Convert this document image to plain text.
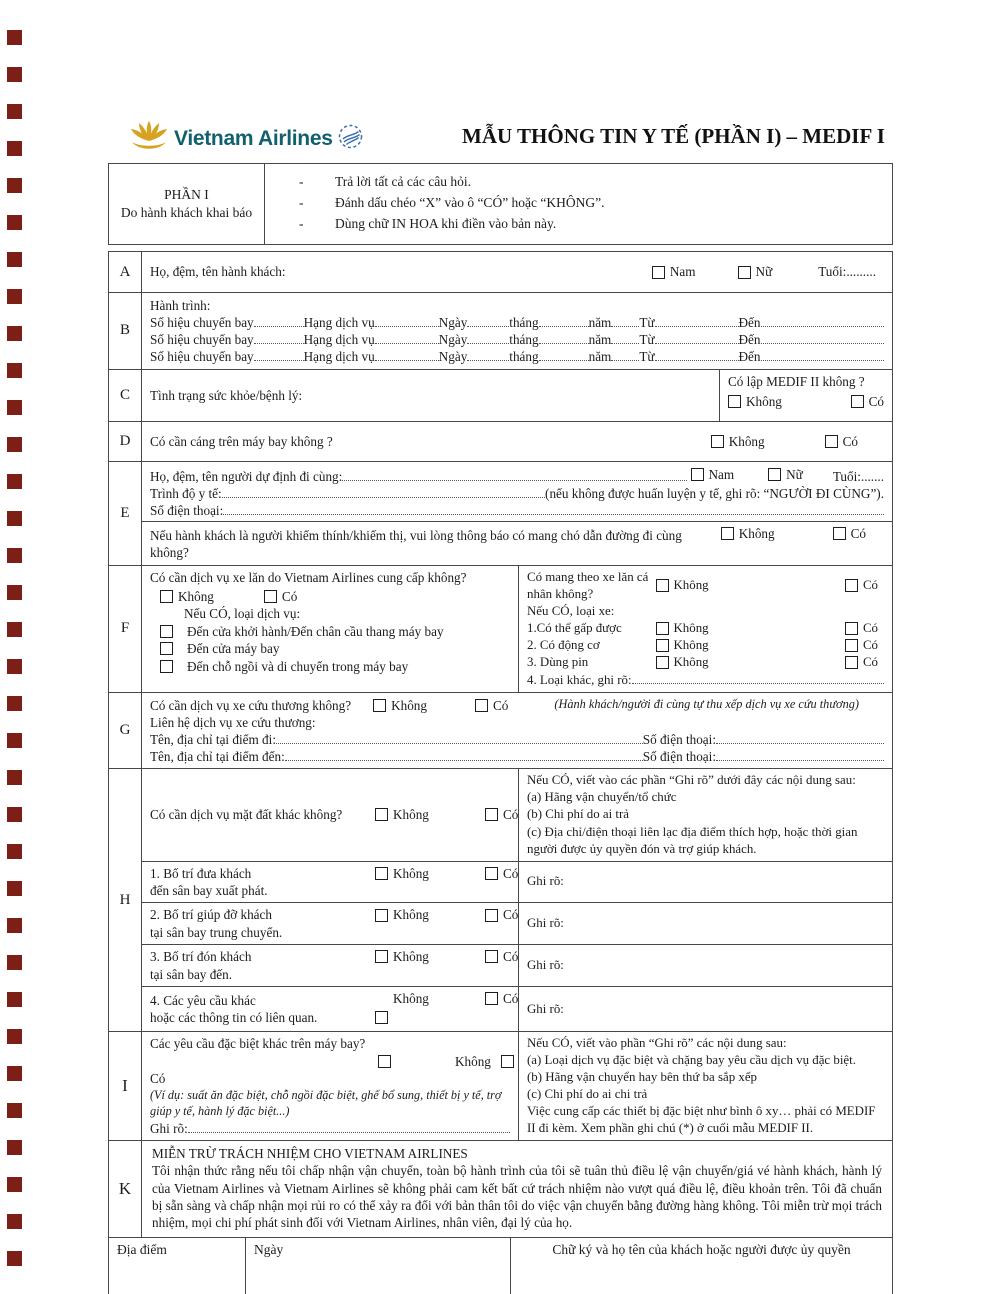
Vietnam Airlines	MẪU THÔNG TIN Y TẾ (PHẦN I) – MEDIF I
PHẦN I
Do hành khách khai báo
-	Trả lời tất cả các câu hỏi.
-	Đánh dấu chéo “X” vào ô “CÓ” hoặc “KHÔNG”.
-	Dùng chữ IN HOA khi điền vào bản này.
A	Họ, đệm, tên hành khách:	Nam	Nữ	Tuổi:.........
B
Hành trình:
Số hiệu chuyến bay	Hạng dịch vụ	Ngày	tháng	năm Từ	Đến
Số hiệu chuyến bay	Hạng dịch vụ	Ngày	tháng	năm Từ	Đến
Số hiệu chuyến bay	Hạng dịch vụ	Ngày	tháng	năm Từ	Đến
C	Tình trạng sức khỏe/bệnh lý:
Có lập MEDIF II không ?
Không	Có
D	Có cần cáng trên máy bay không ?	Không	Có
E
Họ, đệm, tên người dự định đi cùng:	Nam	Nữ Tuổi:.......
Trình độ y tế:	(nếu không được huấn luyện y tế, ghi rõ: “NGƯỜI ĐI CÙNG”).
Số điện thoại:
Nếu hành khách là người khiếm thính/khiếm thị, vui lòng thông báo có mang chó dẫn đường đi cùng không?
Không	Có
F
Có cần dịch vụ xe lăn do Vietnam Airlines cung cấp không?
Không	Có
Nếu CÓ, loại dịch vụ:
Đến cửa khởi hành/Đến chân cầu thang máy bay
Đến cửa máy bay
Đến chỗ ngồi và di chuyển trong máy bay
Có mang theo xe lăn cá nhân không?
Không	Có
Nếu CÓ, loại xe:
1.Có thể gấp được	Không	Có
2. Có động cơ	Không	Có
3. Dùng pin	Không	Có
4. Loại khác, ghi rõ:
G
Có cần dịch vụ xe cứu thương không?	Không	Có	(Hành khách/người đi cùng tự thu xếp dịch vụ xe cứu thương)
Liên hệ dịch vụ xe cứu thương:
Tên, địa chỉ tại điểm đi:	Số điện thoại:
Tên, địa chỉ tại điểm đến:	Số điện thoại:
H
Có cần dịch vụ mặt đất khác không?	Không	Có
Nếu CÓ, viết vào các phần “Ghi rõ” dưới đây các nội dung sau:
(a) Hãng vận chuyển/tổ chức
(b) Chi phí do ai trả
(c) Địa chỉ/điện thoại liên lạc địa điểm thích hợp, hoặc thời gian người được ủy quyền đón và trợ giúp khách.
1. Bố trí đưa khách
đến sân bay xuất phát.
Không	Có
Ghi rõ:
2. Bố trí giúp đỡ khách
tại sân bay trung chuyển.
Không	Có
Ghi rõ:
3. Bố trí đón khách
tại sân bay đến.
Không	Có
Ghi rõ:
4. Các yêu cầu khác
hoặc các thông tin có liên quan.
Không	Có
Ghi rõ:
I
Các yêu cầu đặc biệt khác trên máy bay?
Không
Có
(Ví dụ: suất ăn đặc biệt, chỗ ngồi đặc biệt, ghế bổ sung, thiết bị y tế, trợ giúp y tế, hành lý đặc biệt...)
Ghi rõ:
Nếu CÓ, viết vào phần “Ghi rõ” các nội dung sau:
(a) Loại dịch vụ đặc biệt và chặng bay yêu cầu dịch vụ đặc biệt.
(b) Hãng vận chuyển hay bên thứ ba sắp xếp
(c) Chi phí do ai chi trả
Việc cung cấp các thiết bị đặc biệt như bình ô xy… phải có MEDIF II đi kèm. Xem phần ghi chú (*) ở cuối mẫu MEDIF II.
K
MIỄN TRỪ TRÁCH NHIỆM CHO VIETNAM AIRLINES
Tôi nhận thức rằng nếu tôi chấp nhận vận chuyển, toàn bộ hành trình của tôi sẽ tuân thủ điều lệ vận chuyển/giá vé hành khách, hành lý của Vietnam Airlines và Vietnam Airlines sẽ không phải cam kết bất cứ trách nhiệm nào vượt quá điều lệ, điều khoản trên. Tôi đã chuẩn bị sẵn sàng và chấp nhận mọi rủi ro có thể xảy ra đối với bản thân tôi do việc vận chuyển bằng đường hàng không. Tôi miễn trừ mọi trách nhiệm, mọi chi phí phát sinh đối với Vietnam Airlines, nhân viên, đại lý của họ.
Địa điểm	Ngày	Chữ ký và họ tên của khách hoặc người được ủy quyền
